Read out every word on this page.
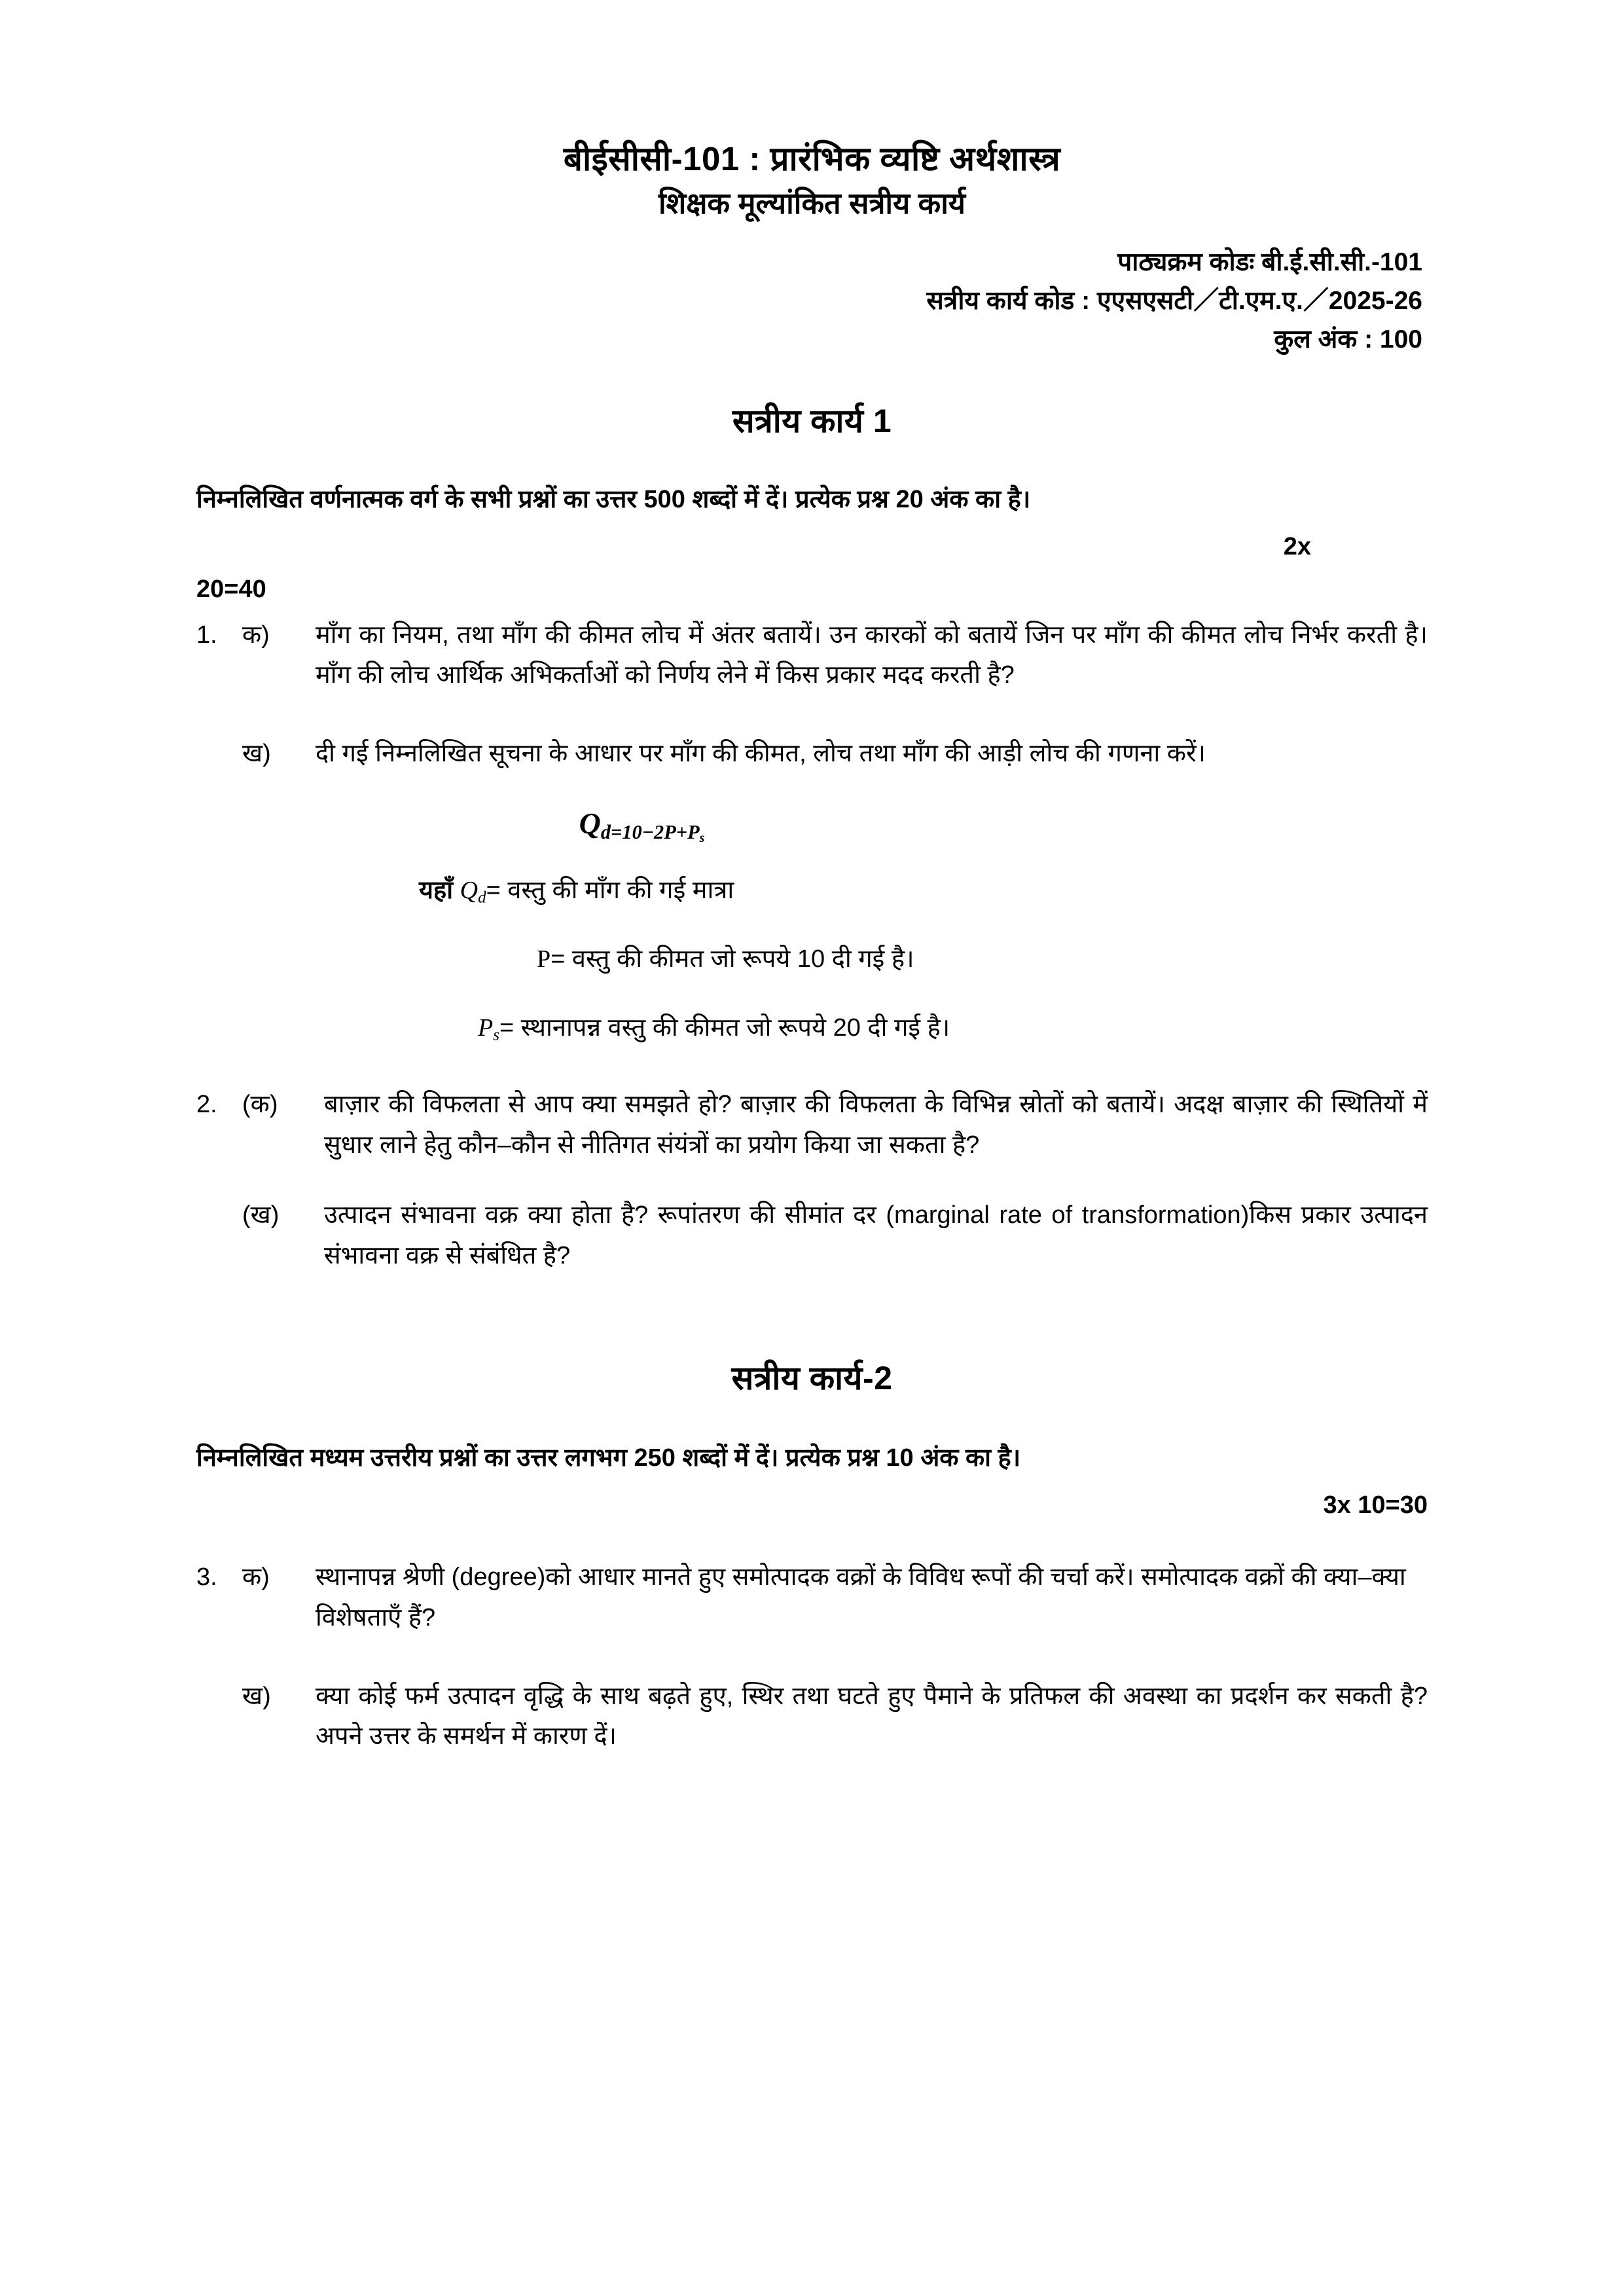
बीईसीसी-101 : प्रारंभिक व्यष्टि अर्थशास्त्र
शिक्षक मूल्यांकित सत्रीय कार्य
पाठ्यक्रम कोडः बी.ई.सी.सी.-101
सत्रीय कार्य कोड : एएसएसटी／टी.एम.ए.／2025-26
कुल अंक : 100
सत्रीय कार्य 1

निम्नलिखित वर्णनात्मक वर्ग के सभी प्रश्नों का उत्तर 500 शब्दों में दें। प्रत्येक प्रश्न 20 अंक का है।

2x
20=40
1.	क)	माँग का नियम, तथा माँग की कीमत लोच में अंतर बतायें। उन कारकों को बतायें जिन पर माँग की कीमत लोच निर्भर करती है। माँग की लोच आर्थिक अभिकर्ताओं को निर्णय लेने में किस प्रकार मदद करती है?
ख)	दी गई निम्नलिखित सूचना के आधार पर माँग की कीमत, लोच तथा माँग की आड़ी लोच की गणना करें।
$Q_{d=10-2P+P_s}$
यहाँ $Q_d=$ वस्तु की माँग की गई मात्रा
P= वस्तु की कीमत जो रूपये 10 दी गई है।
$P_s=$ स्थानापन्न वस्तु की कीमत जो रूपये 20 दी गई है।
2.	(क)	बाज़ार की विफलता से आप क्या समझते हो? बाज़ार की विफलता के विभिन्न स्रोतों को बतायें। अदक्ष बाज़ार की स्थितियों में सुधार लाने हेतु कौन–कौन से नीतिगत संयंत्रों का प्रयोग किया जा सकता है?
(ख)	उत्पादन संभावना वक्र क्या होता है? रूपांतरण की सीमांत दर (marginal rate of transformation)किस प्रकार उत्पादन संभावना वक्र से संबंधित है?
सत्रीय कार्य-2

निम्नलिखित मध्यम उत्तरीय प्रश्नों का उत्तर लगभग 250 शब्दों में दें। प्रत्येक प्रश्न 10 अंक का है।

3x 10=30
3.	क)	स्थानापन्न श्रेणी (degree)को आधार मानते हुए समोत्पादक वक्रों के विविध रूपों की चर्चा करें। समोत्पादक वक्रों की क्या–क्या विशेषताएँ हैं?
ख)	क्या कोई फर्म उत्पादन वृद्धि के साथ बढ़ते हुए, स्थिर तथा घटते हुए पैमाने के प्रतिफल की अवस्था का प्रदर्शन कर सकती है? अपने उत्तर के समर्थन में कारण दें।
